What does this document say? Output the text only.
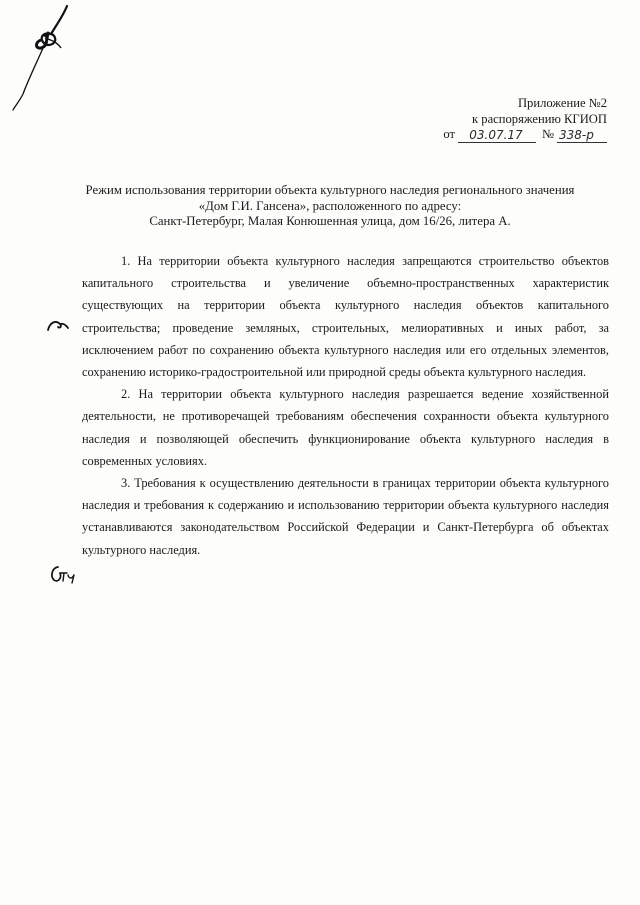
Приложение №2
к распоряжению КГИОП
от	03.07.17	№ 338-р
Режим использования территории объекта культурного наследия регионального значения
«Дом Г.И. Гансена», расположенного по адресу:
Санкт-Петербург, Малая Конюшенная улица, дом 16/26, литера А.

1. На территории объекта культурного наследия запрещаются строительство объектов капитального строительства и увеличение объемно-пространственных характеристик существующих на территории объекта культурного наследия объектов капитального строительства; проведение земляных, строительных, мелиоративных и иных работ, за исключением работ по сохранению объекта культурного наследия или его отдельных элементов, сохранению историко-градостроительной или природной среды объекта культурного наследия.

2. На территории объекта культурного наследия разрешается ведение хозяйственной деятельности, не противоречащей требованиям обеспечения сохранности объекта культурного наследия и позволяющей обеспечить функционирование объекта культурного наследия в современных условиях.

3. Требования к осуществлению деятельности в границах территории объекта культурного наследия и требования к содержанию и использованию территории объекта культурного наследия устанавливаются законодательством Российской Федерации и Санкт-Петербурга об объектах культурного наследия.
